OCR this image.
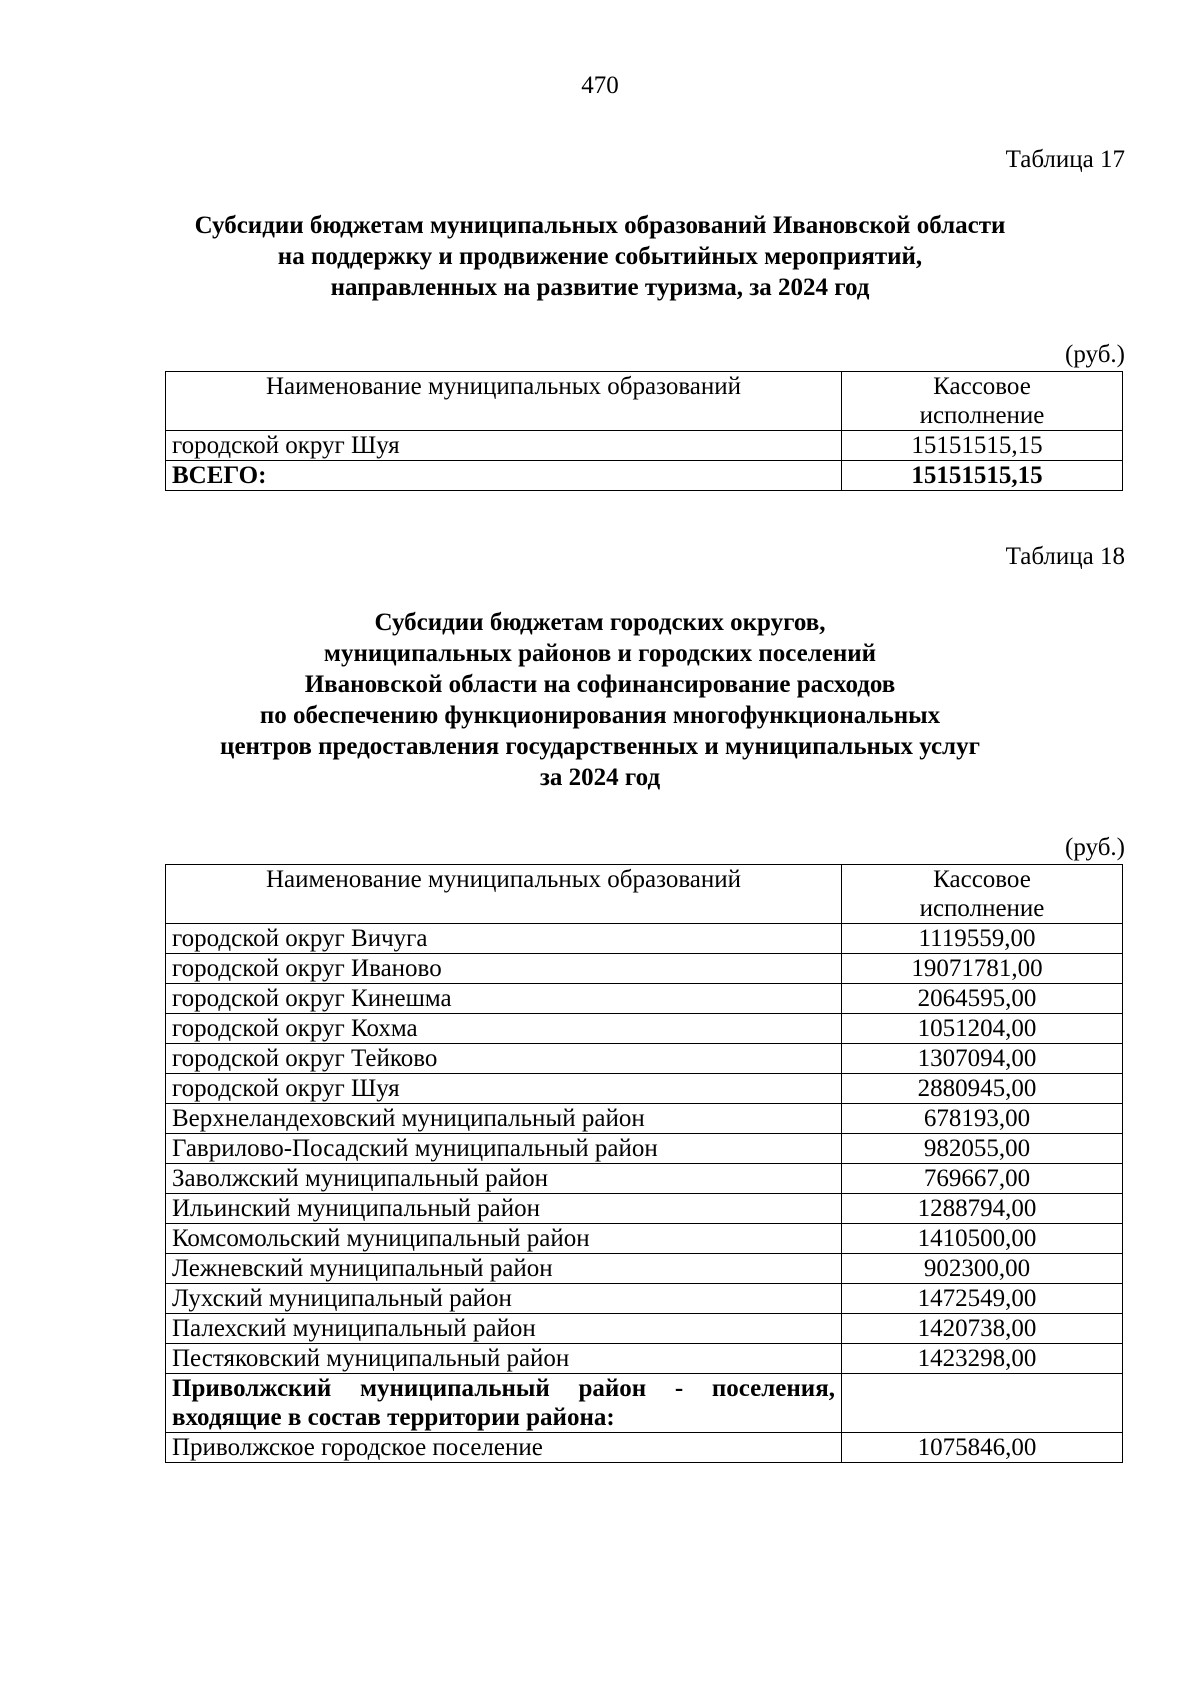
470
Таблица 17
Субсидии бюджетам муниципальных образований Ивановской области
на поддержку и продвижение событийных мероприятий,
направленных на развитие туризма, за 2024 год
(руб.)
Наименование муниципальных образований	Кассовое
исполнение

городской округ Шуя	15151515,15
ВСЕГО:	15151515,15
Таблица 18
Субсидии бюджетам городских округов,
муниципальных районов и городских поселений
Ивановской области на софинансирование расходов
по обеспечению функционирования многофункциональных
центров предоставления государственных и муниципальных услуг
за 2024 год
(руб.)
Наименование муниципальных образований	Кассовое
исполнение

городской округ Вичуга	1119559,00
городской округ Иваново	19071781,00
городской округ Кинешма	2064595,00
городской округ Кохма	1051204,00
городской округ Тейково	1307094,00
городской округ Шуя	2880945,00
Верхнеландеховский муниципальный район	678193,00
Гаврилово-Посадский муниципальный район	982055,00
Заволжский муниципальный район	769667,00
Ильинский муниципальный район	1288794,00
Комсомольский муниципальный район	1410500,00
Лежневский муниципальный район	902300,00
Лухский муниципальный район	1472549,00
Палехский муниципальный район	1420738,00
Пестяковский муниципальный район	1423298,00
Приволжский муниципальный район - поселения, входящие в состав территории района:	
Приволжское городское поселение	1075846,00
